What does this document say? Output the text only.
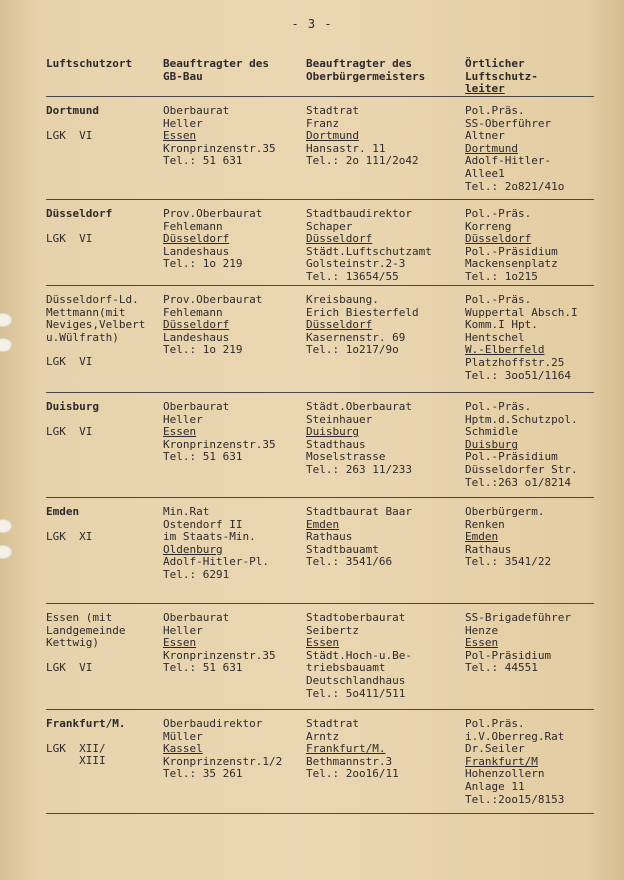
- 3 -
Luftschutzort	Beauftragter des
GB-Bau
Beauftragter des
Oberbürgermeisters
Örtlicher
Luftschutz-
leiter
Dortmund
LGK  VI
Oberbaurat
Heller
Essen
Kronprinzenstr.35
Tel.: 51 631
Stadtrat
Franz
Dortmund
Hansastr. 11
Tel.: 2o 111/2o42
Pol.Präs.
SS-Oberführer
Altner
Dortmund
Adolf-Hitler-
Allee1
Tel.: 2o821/41o
Düsseldorf
LGK  VI
Prov.Oberbaurat
Fehlemann
Düsseldorf
Landeshaus
Tel.: 1o 219
Stadtbaudirektor
Schaper
Düsseldorf
Städt.Luftschutzamt
Golsteinstr.2-3
Tel.: 13654/55
Pol.-Präs.
Korreng
Düsseldorf
Pol.-Präsidium
Mackensenplatz
Tel.: 1o215
Düsseldorf-Ld.
Mettmann(mit
Neviges,Velbert
u.Wülfrath)
LGK  VI
Prov.Oberbaurat
Fehlemann
Düsseldorf
Landeshaus
Tel.: 1o 219
Kreisbaung.
Erich Biesterfeld
Düsseldorf
Kasernenstr. 69
Tel.: 1o217/9o
Pol.-Präs.
Wuppertal Absch.I
Komm.I Hpt.
Hentschel
W.-Elberfeld
Platzhoffstr.25
Tel.: 3oo51/1164
Duisburg
LGK  VI
Oberbaurat
Heller
Essen
Kronprinzenstr.35
Tel.: 51 631
Städt.Oberbaurat
Steinhauer
Duisburg
Stadthaus
Moselstrasse
Tel.: 263 11/233
Pol.-Präs.
Hptm.d.Schutzpol.
Schmidle
Duisburg
Pol.-Präsidium
Düsseldorfer Str.
Tel.:263 o1/8214
Emden
LGK  XI
Min.Rat
Ostendorf II
im Staats-Min.
Oldenburg
Adolf-Hitler-Pl.
Tel.: 6291
Stadtbaurat Baar
Emden
Rathaus
Stadtbauamt
Tel.: 3541/66
Oberbürgerm.
Renken
Emden
Rathaus
Tel.: 3541/22
Essen (mit
Landgemeinde
Kettwig)
LGK  VI
Oberbaurat
Heller
Essen
Kronprinzenstr.35
Tel.: 51 631
Stadtoberbaurat
Seibertz
Essen
Städt.Hoch-u.Be-
triebsbauamt
Deutschlandhaus
Tel.: 5o411/511
SS-Brigadeführer
Henze
Essen
Pol-Präsidium
Tel.: 44551
Frankfurt/M.
LGK  XII/
XIII
Oberbaudirektor
Müller
Kassel
Kronprinzenstr.1/2
Tel.: 35 261
Stadtrat
Arntz
Frankfurt/M.
Bethmannstr.3
Tel.: 2oo16/11
Pol.Präs.
i.V.Oberreg.Rat
Dr.Seiler
Frankfurt/M
Hohenzollern
Anlage 11
Tel.:2oo15/8153
